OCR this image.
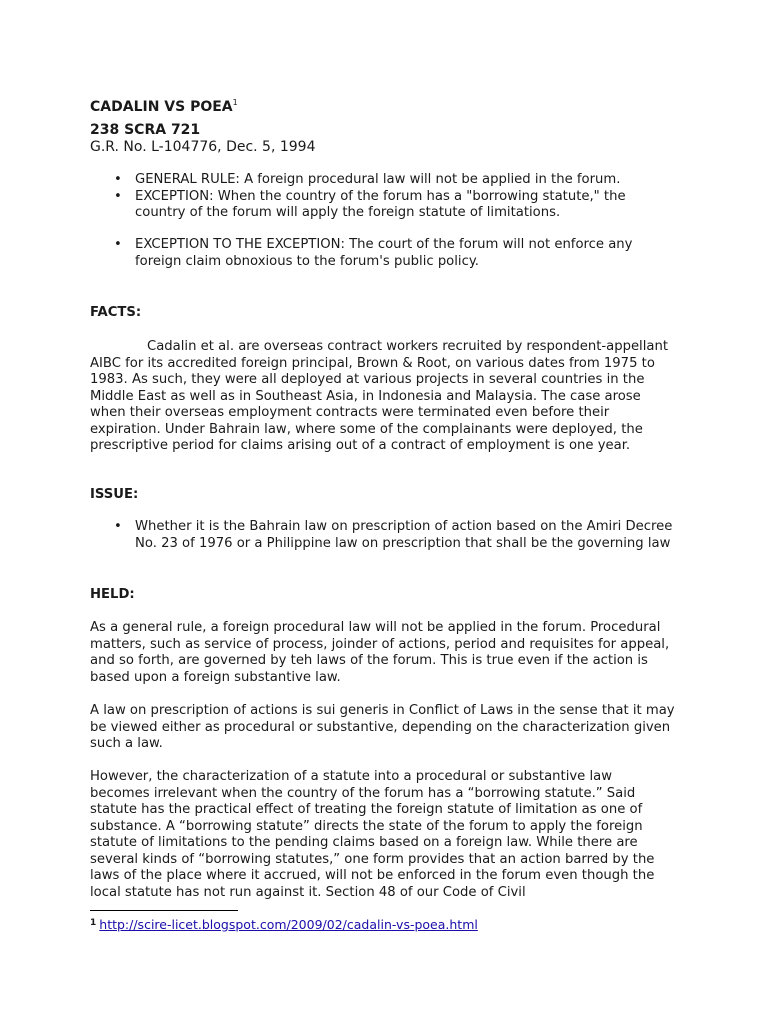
CADALIN VS POEA$^1$
238 SCRA 721
G.R. No. L-104776, Dec. 5, 1994
• GENERAL RULE: A foreign procedural law will not be applied in the forum.
• EXCEPTION: When the country of the forum has a "borrowing statute," the country of the forum will apply the foreign statute of limitations.
• EXCEPTION TO THE EXCEPTION: The court of the forum will not enforce any foreign claim obnoxious to the forum's public policy.
FACTS:

Cadalin et al. are overseas contract workers recruited by respondent-appellant AIBC for its accredited foreign principal, Brown & Root, on various dates from 1975 to 1983. As such, they were all deployed at various projects in several countries in the Middle East as well as in Southeast Asia, in Indonesia and Malaysia. The case arose when their overseas employment contracts were terminated even before their expiration. Under Bahrain law, where some of the complainants were deployed, the prescriptive period for claims arising out of a contract of employment is one year.

ISSUE:
• Whether it is the Bahrain law on prescription of action based on the Amiri Decree No. 23 of 1976 or a Philippine law on prescription that shall be the governing law
HELD:

As a general rule, a foreign procedural law will not be applied in the forum. Procedural matters, such as service of process, joinder of actions, period and requisites for appeal, and so forth, are governed by teh laws of the forum. This is true even if the action is based upon a foreign substantive law.

A law on prescription of actions is sui generis in Conflict of Laws in the sense that it may be viewed either as procedural or substantive, depending on the characterization given such a law.

However, the characterization of a statute into a procedural or substantive law becomes irrelevant when the country of the forum has a “borrowing statute.” Said statute has the practical effect of treating the foreign statute of limitation as one of substance. A “borrowing statute” directs the state of the forum to apply the foreign statute of limitations to the pending claims based on a foreign law. While there are several kinds of “borrowing statutes,” one form provides that an action barred by the laws of the place where it accrued, will not be enforced in the forum even though the local statute has not run against it. Section 48 of our Code of Civil

$^1$ http://scire-licet.blogspot.com/2009/02/cadalin-vs-poea.html
